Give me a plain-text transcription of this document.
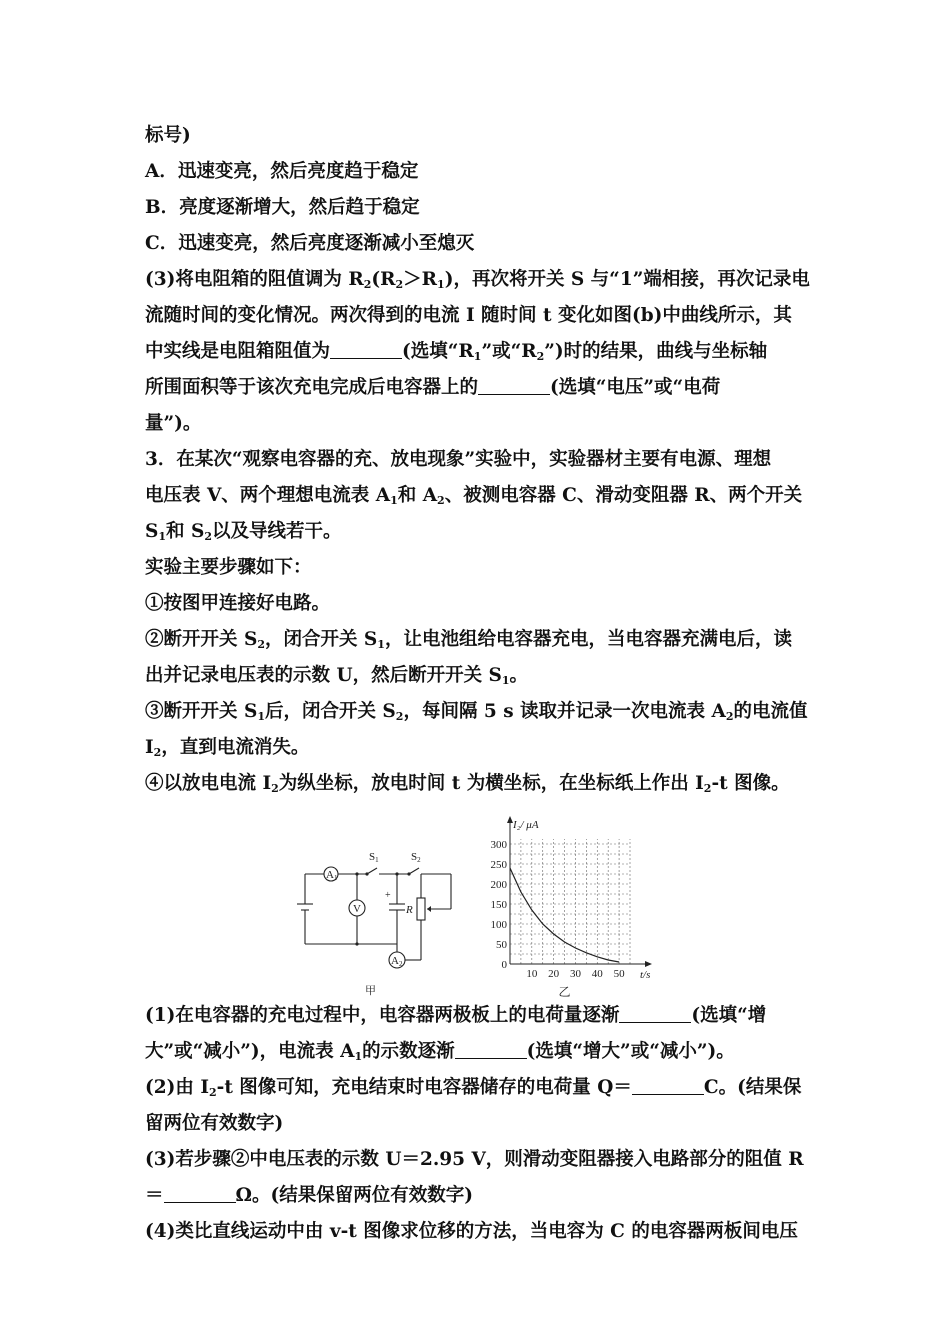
标号)
A．迅速变亮，然后亮度趋于稳定
B．亮度逐渐增大，然后趋于稳定
C．迅速变亮，然后亮度逐渐减小至熄灭
(3)将电阻箱的阻值调为 $R_2(R_2>R_1)$，再次将开关 S 与“1”端相接，再次记录电
流随时间的变化情况。两次得到的电流 I 随时间 t 变化如图(b)中曲线所示，其
中实线是电阻箱阻值为	(选填“$R_1$”或“$R_2$”)时的结果，曲线与坐标轴
所围面积等于该次充电完成后电容器上的	(选填“电压”或“电荷
量”)。
3．在某次“观察电容器的充、放电现象”实验中，实验器材主要有电源、理想
电压表 V、两个理想电流表 $A_1$和 $A_2$、被测电容器 C、滑动变阻器 R、两个开关
$S_1$和 $S_2$以及导线若干。
实验主要步骤如下：
①按图甲连接好电路。
②断开开关 $S_2$，闭合开关 $S_1$，让电池组给电容器充电，当电容器充满电后，读
出并记录电压表的示数 U，然后断开开关 $S_1$。
③断开开关 $S_1$后，闭合开关 $S_2$，每间隔 5 s 读取并记录一次电流表 $A_2$的电流值
$I_2$，直到电流消失。
④以放电电流 $I_2$为纵坐标，放电时间 t 为横坐标，在坐标纸上作出 $I_2-t$ 图像。
A1
V
S1	S2
+
R
A2
甲
0
50
100
150
200
250
300
10 20 30 40 50
I₂/ μA
t/s
乙
(1)在电容器的充电过程中，电容器两极板上的电荷量逐渐	(选填“增
大”或“减小”)，电流表 $A_1$的示数逐渐	(选填“增大”或“减小”)。
(2)由 $I_2-t$ 图像可知，充电结束时电容器储存的电荷量 Q＝	C。(结果保
留两位有效数字)
(3)若步骤②中电压表的示数 U＝2.95 V，则滑动变阻器接入电路部分的阻值 R
＝	Ω。(结果保留两位有效数字)
(4)类比直线运动中由 v-t 图像求位移的方法，当电容为 C 的电容器两板间电压
